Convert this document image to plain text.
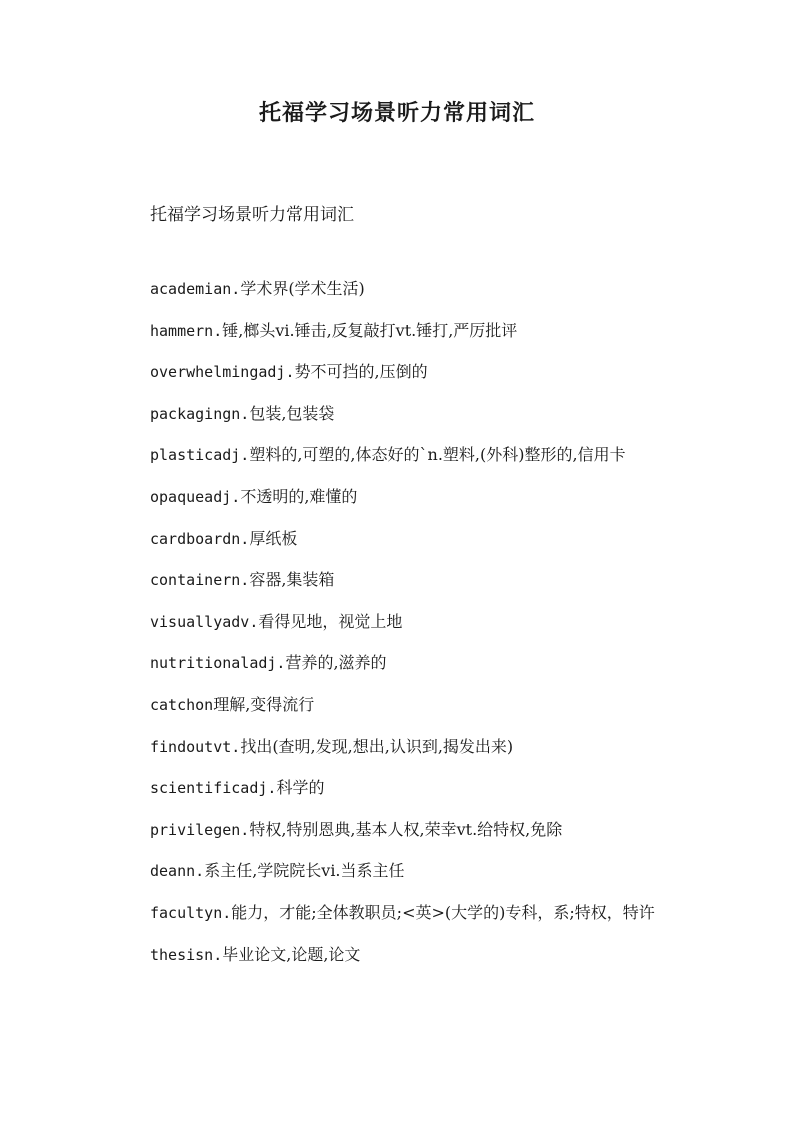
托福学习场景听力常用词汇

托福学习场景听力常用词汇

academian.学术界(学术生活)

hammern.锤,榔头vi.锤击,反复敲打vt.锤打,严厉批评

overwhelmingadj.势不可挡的,压倒的

packagingn.包装,包装袋

plasticadj.塑料的,可塑的,体态好的`n.塑料,(外科)整形的,信用卡

opaqueadj.不透明的,难懂的

cardboardn.厚纸板

containern.容器,集装箱

visuallyadv.看得见地，视觉上地

nutritionaladj.营养的,滋养的

catchon理解,变得流行

findoutvt.找出(查明,发现,想出,认识到,揭发出来)

scientificadj.科学的

privilegen.特权,特别恩典,基本人权,荣幸vt.给特权,免除

deann.系主任,学院院长vi.当系主任

facultyn.能力，才能;全体教职员;<英>(大学的)专科，系;特权，特许

thesisn.毕业论文,论题,论文
